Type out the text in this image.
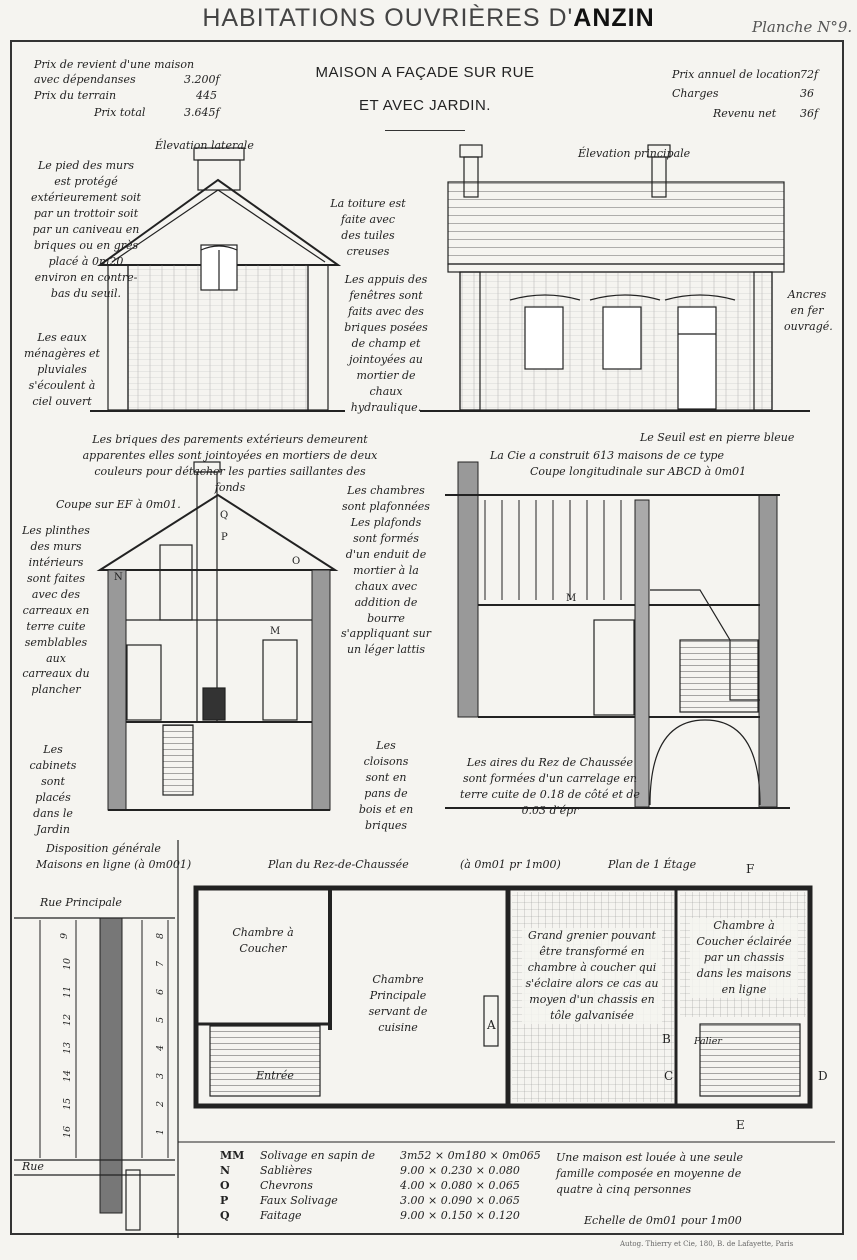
HABITATIONS OUVRIÈRES D'ANZIN	Planche N°9.
Prix de revient d'une maison
avec dépendanses	3.200f
Prix du terrain	445
Prix total	3.645f
MAISON A FAÇADE SUR RUE
ET AVEC JARDIN.
Prix annuel de location 72f
Charges	36
Revenu net 36f
Élevation laterale
Élevation principale
Coupe sur EF à 0m01.
La Cie a construit 613 maisons de ce type
Coupe longitudinale sur ABCD à 0m01
Le pied des murs est protégé extérieurement soit par un trottoir soit par un caniveau en briques ou en grès placé à 0m20 environ en contre-bas du seuil.
Les eaux ménagères et pluviales s'écoulent à ciel ouvert
La toiture est faite avec des tuiles creuses
Les appuis des fenêtres sont faits avec des briques posées de champ et jointoyées au mortier de chaux hydraulique.
Ancres en fer ouvragé.
Le Seuil est en pierre bleue
Les briques des parements extérieurs demeurent apparentes elles sont jointoyées en mortiers de deux couleurs pour détacher les parties saillantes des fonds
Les plinthes des murs intérieurs sont faites avec des carreaux en terre cuite semblables aux carreaux du plancher
Les cabinets sont placés dans le Jardin
Les chambres sont plafonnées Les plafonds sont formés d'un enduit de mortier à la chaux avec addition de bourre s'appliquant sur un léger lattis
Les cloisons sont en pans de bois et en briques
Les aires du Rez de Chaussée sont formées d'un carrelage en terre cuite de 0.18 de côté et de 0.03 d'épr
Disposition générale
Maisons en ligne (à 0m001)
Rue Principale
Rue
Plan du Rez-de-Chaussée	(à 0m01 pr 1m00)	Plan de 1 Étage
Chambre à Coucher
Chambre Principale servant de cuisine
Entrée
Grand grenier pouvant être transformé en chambre à coucher qui s'éclaire alors ce cas au moyen d'un chassis en tôle galvanisée
Chambre à Coucher éclairée par un chassis dans les maisons en ligne
Palier
A
B
C	D
E
F
M
M
N
O
P
Q
9
10
11
12
13
14
15
16
8
7
6
5
4
3
2
1
MM Solivage en sapin de 3m52 × 0m180 × 0m065
N	Sablières	9.00 × 0.230 × 0.080
O	Chevrons	4.00 × 0.080 × 0.065
P	Faux Solivage	3.00 × 0.090 × 0.065
Q	Faitage	9.00 × 0.150 × 0.120
Une maison est louée à une seule famille composée en moyenne de quatre à cinq personnes
Echelle de 0m01 pour 1m00
Autog. Thierry et Cie, 180, B. de Lafayette, Paris
